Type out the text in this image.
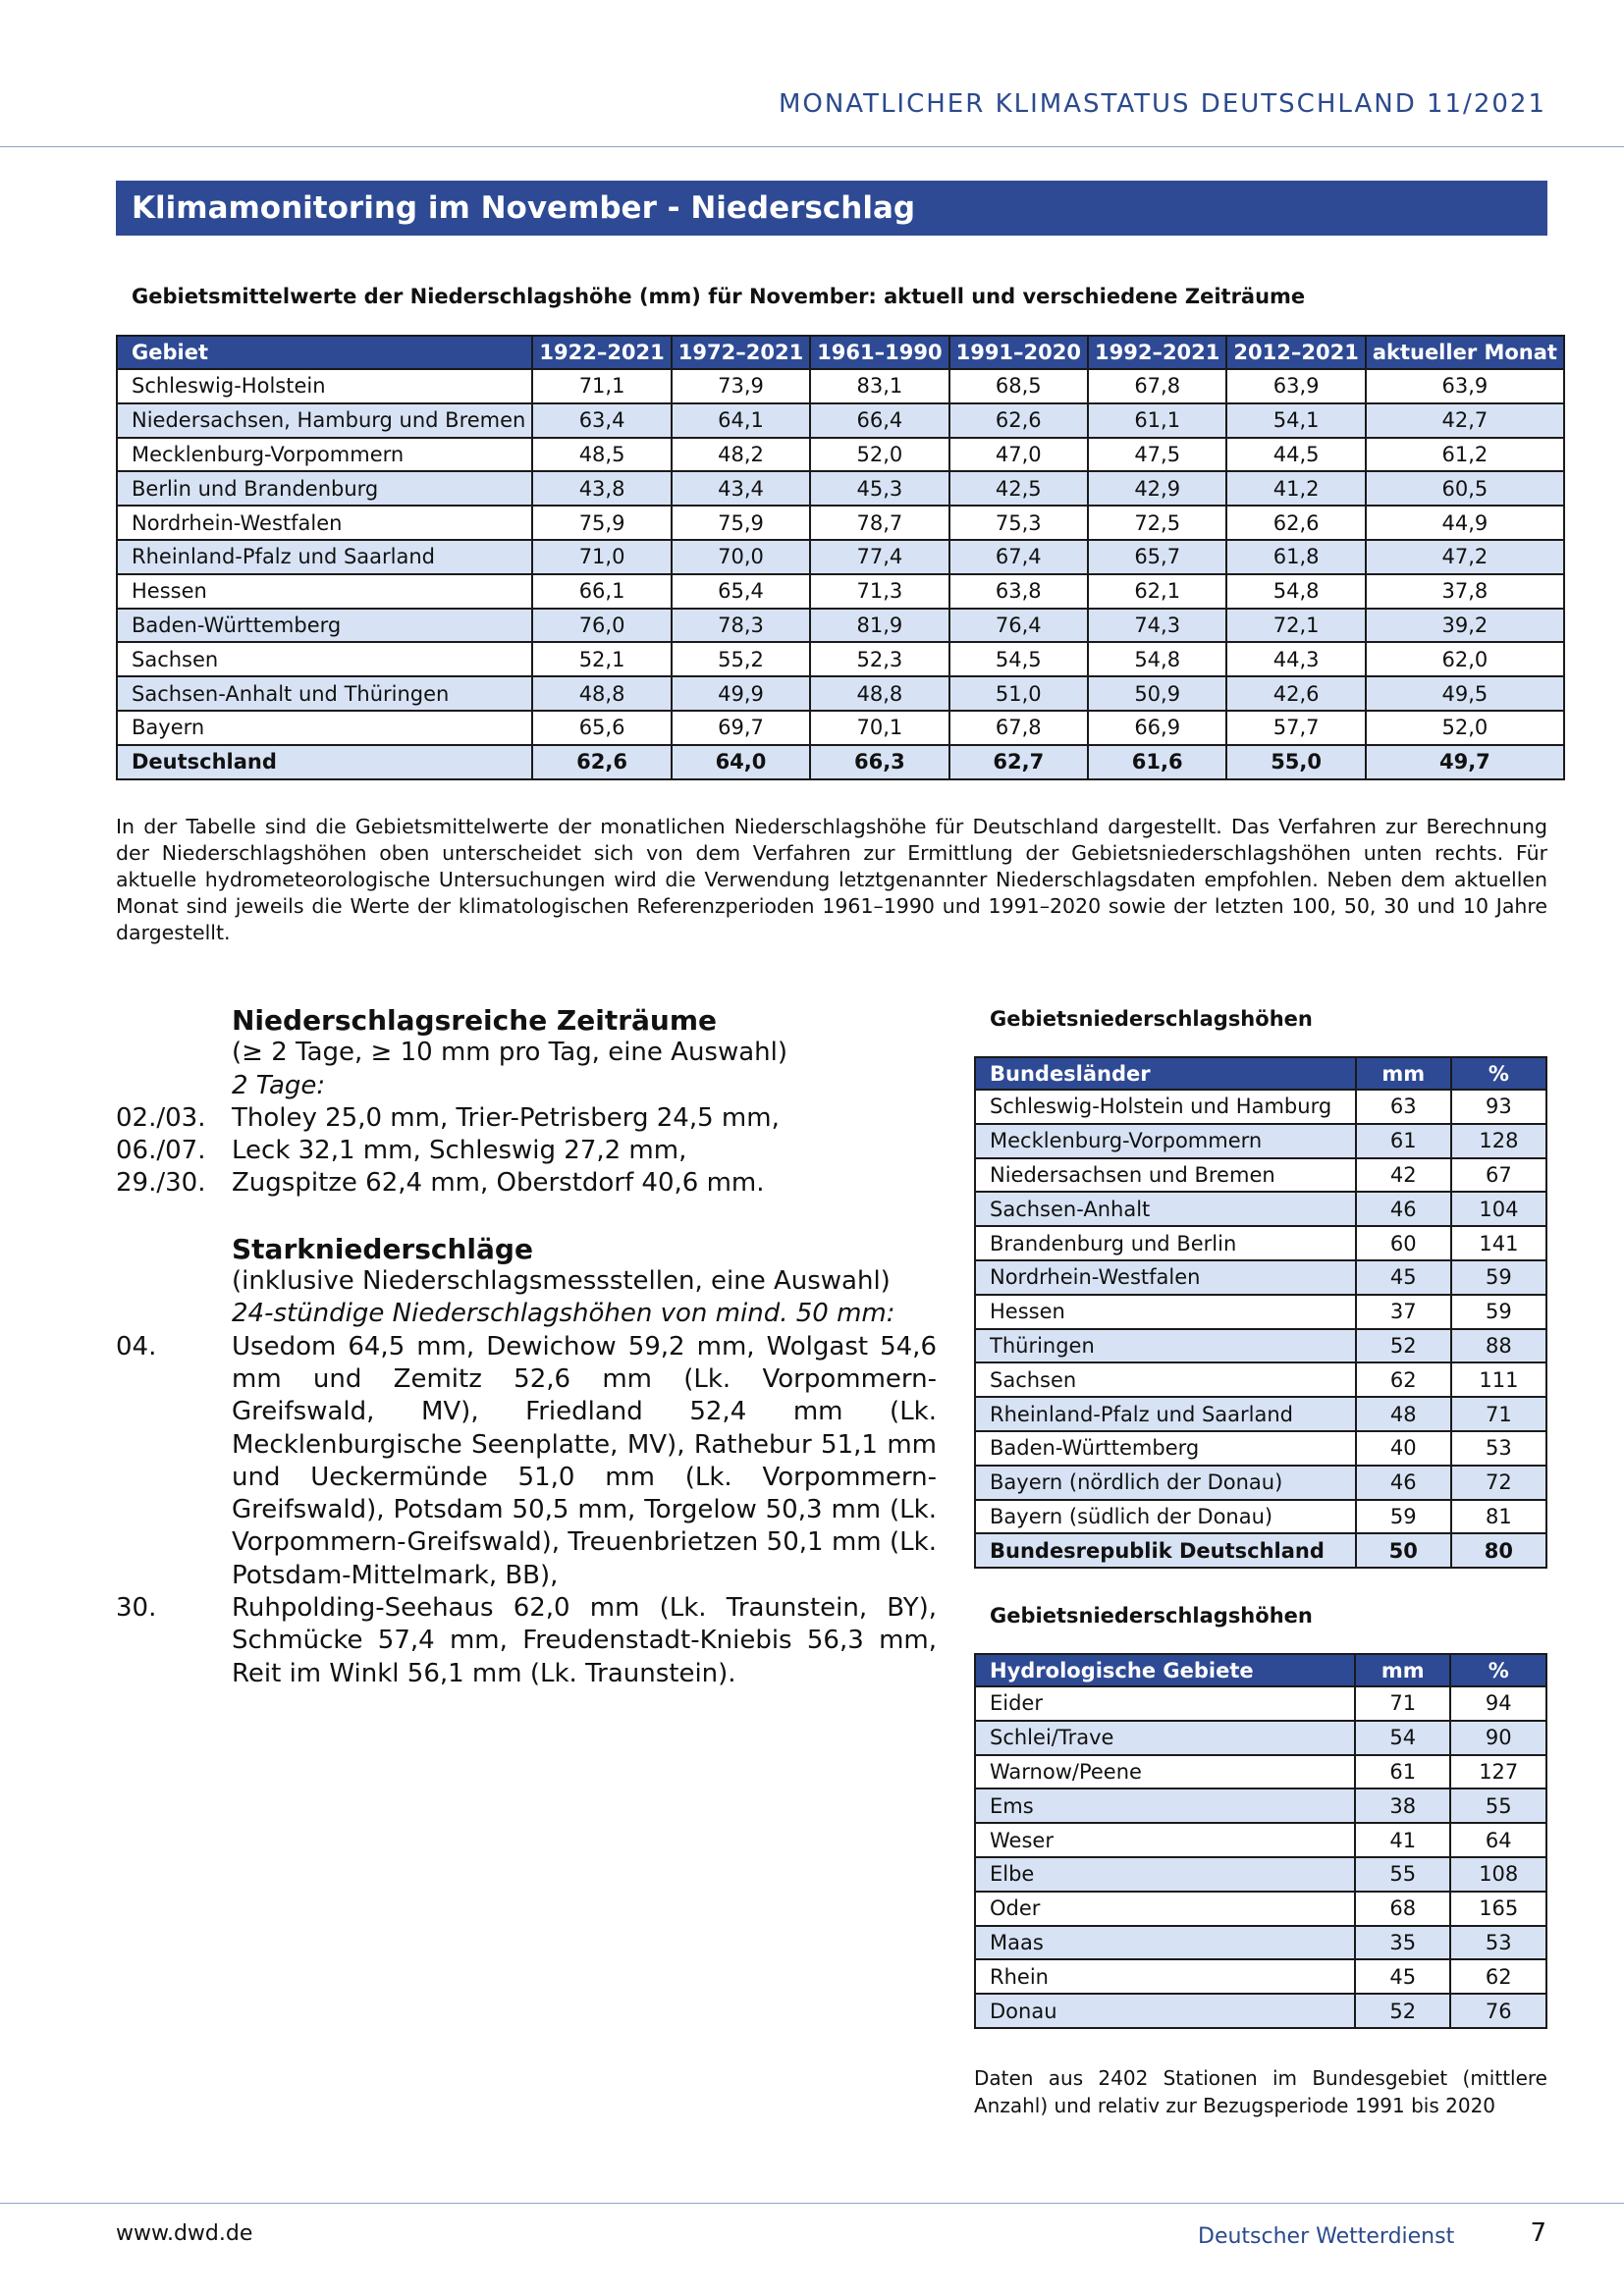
MONATLICHER KLIMASTATUS DEUTSCHLAND 11/2021
Klimamonitoring im November - Niederschlag
Gebietsmittelwerte der Niederschlagshöhe (mm) für November: aktuell und verschiedene Zeiträume
Gebiet	1922–2021	1972–2021	1961–1990	1991–2020	1992–2021	2012–2021	aktueller Monat
Schleswig-Holstein	71,1	73,9	83,1	68,5	67,8	63,9	63,9
Niedersachsen, Hamburg und Bremen	63,4	64,1	66,4	62,6	61,1	54,1	42,7
Mecklenburg-Vorpommern	48,5	48,2	52,0	47,0	47,5	44,5	61,2
Berlin und Brandenburg	43,8	43,4	45,3	42,5	42,9	41,2	60,5
Nordrhein-Westfalen	75,9	75,9	78,7	75,3	72,5	62,6	44,9
Rheinland-Pfalz und Saarland	71,0	70,0	77,4	67,4	65,7	61,8	47,2
Hessen	66,1	65,4	71,3	63,8	62,1	54,8	37,8
Baden-Württemberg	76,0	78,3	81,9	76,4	74,3	72,1	39,2
Sachsen	52,1	55,2	52,3	54,5	54,8	44,3	62,0
Sachsen-Anhalt und Thüringen	48,8	49,9	48,8	51,0	50,9	42,6	49,5
Bayern	65,6	69,7	70,1	67,8	66,9	57,7	52,0
Deutschland	62,6	64,0	66,3	62,7	61,6	55,0	49,7
In der Tabelle sind die Gebietsmittelwerte der monatlichen Niederschlagshöhe für Deutschland dargestellt. Das Verfahren zur Berechnung der Niederschlagshöhen oben unterscheidet sich von dem Verfahren zur Ermittlung der Gebietsniederschlagshöhen unten rechts. Für aktuelle hydrometeorologische Untersuchungen wird die Verwendung letztgenannter Niederschlagsdaten empfohlen. Neben dem aktuellen Monat sind jeweils die Werte der klimatologischen Referenzperioden 1961–1990 und 1991–2020 sowie der letzten 100, 50, 30 und 10 Jahre dargestellt.
Niederschlagsreiche Zeiträume
(≥ 2 Tage, ≥ 10 mm pro Tag, eine Auswahl)
2 Tage:
02./03.	Tholey 25,0 mm, Trier-Petrisberg 24,5 mm,
06./07.	Leck 32,1 mm, Schleswig 27,2 mm,
29./30.	Zugspitze 62,4 mm, Oberstdorf 40,6 mm.
Starkniederschläge
(inklusive Niederschlagsmessstellen, eine Auswahl)
24-stündige Niederschlagshöhen von mind. 50 mm:
04.	Usedom 64,5 mm, Dewichow 59,2 mm, Wolgast 54,6 mm und Zemitz 52,6 mm (Lk. Vorpommern-Greifswald, MV), Friedland 52,4 mm (Lk. Mecklenburgische Seenplatte, MV), Rathebur 51,1 mm und Ueckermünde 51,0 mm (Lk. Vorpommern-Greifswald), Potsdam 50,5 mm, Torgelow 50,3 mm (Lk. Vorpommern-Greifswald), Treuenbrietzen 50,1 mm (Lk. Potsdam-Mittelmark, BB),
30.	Ruhpolding-Seehaus 62,0 mm (Lk. Traunstein, BY), Schmücke 57,4 mm, Freudenstadt-Kniebis 56,3 mm, Reit im Winkl 56,1 mm (Lk. Traunstein).
Gebietsniederschlagshöhen
Bundesländer	mm	%
Schleswig-Holstein und Hamburg	63	93
Mecklenburg-Vorpommern	61	128
Niedersachsen und Bremen	42	67
Sachsen-Anhalt	46	104
Brandenburg und Berlin	60	141
Nordrhein-Westfalen	45	59
Hessen	37	59
Thüringen	52	88
Sachsen	62	111
Rheinland-Pfalz und Saarland	48	71
Baden-Württemberg	40	53
Bayern (nördlich der Donau)	46	72
Bayern (südlich der Donau)	59	81
Bundesrepublik Deutschland	50	80
Gebietsniederschlagshöhen
Hydrologische Gebiete	mm	%
Eider	71	94
Schlei/Trave	54	90
Warnow/Peene	61	127
Ems	38	55
Weser	41	64
Elbe	55	108
Oder	68	165
Maas	35	53
Rhein	45	62
Donau	52	76
Daten aus 2402 Stationen im Bundesgebiet (mittlere Anzahl) und relativ zur Bezugsperiode 1991 bis 2020
www.dwd.de	Deutscher Wetterdienst	7
